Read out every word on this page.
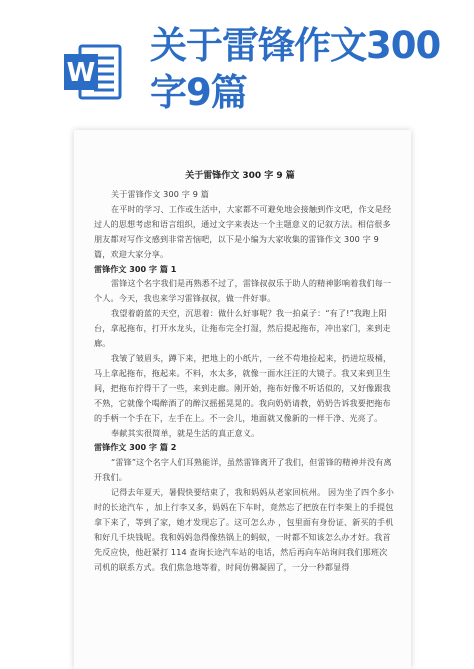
W
关于雷锋作文300字9篇
关于雷锋作文 300 字 9 篇

关于雷锋作文 300 字 9 篇

在平时的学习、工作或生活中，大家都不可避免地会接触到作文吧，作文是经过人的思想考虑和语言组织，通过文字来表达一个主题意义的记叙方法。相信很多朋友都对写作文感到非常苦恼吧，以下是小编为大家收集的雷锋作文 300 字 9 篇，欢迎大家分享。

雷锋作文 300 字 篇 1

雷锋这个名字我们是再熟悉不过了，雷锋叔叔乐于助人的精神影响着我们每一个人。今天，我也来学习雷锋叔叔，做一件好事。

我望着蔚蓝的天空，沉思着：做什么好事呢？我一拍桌子：“有了!”我跑上阳台，拿起拖布，打开水龙头，让拖布完全打湿，然后提起拖布，冲出家门，来到走廊。

我皱了皱眉头，蹲下来，把地上的小纸片，一丝不苟地捡起来，扔进垃圾桶，马上拿起拖布，拖起来。不料，水太多，就像一面水汪汪的大镜子。我又来到卫生间，把拖布拧得干了一些，来到走廊。刚开始，拖布好像不听话似的，又好像跟我不熟，它就像个喝醉酒了的醉汉摇摇晃晃的。我向奶奶请教，奶奶告诉我要把拖布的手柄一个手在下，左手在上。不一会儿，地面就又像新的一样干净、光亮了。

奉献其实很简单，就是生活的真正意义。

雷锋作文 300 字 篇 2

“雷锋”这个名字人们耳熟能详，虽然雷锋离开了我们，但雷锋的精神并没有离开我们。

记得去年夏天，暑假快要结束了，我和妈妈从老家回杭州。 因为坐了四个多小时的长途汽车 ，加上行李又多，妈妈在下车时，竟然忘了把放在行李架上的手提包拿下来了，等到了家，她才发现忘了。这可怎么办 ，包里面有身份证、新买的手机和好几千块钱呢。我和妈妈急得像热锅上的蚂蚁，一时都不知该怎么办才好。我首先反应快，他赶紧打 114 查询长途汽车站的电话，然后再向车站询问我们那班次司机的联系方式。我们焦急地等着，时间仿佛凝固了，一分一秒都显得
